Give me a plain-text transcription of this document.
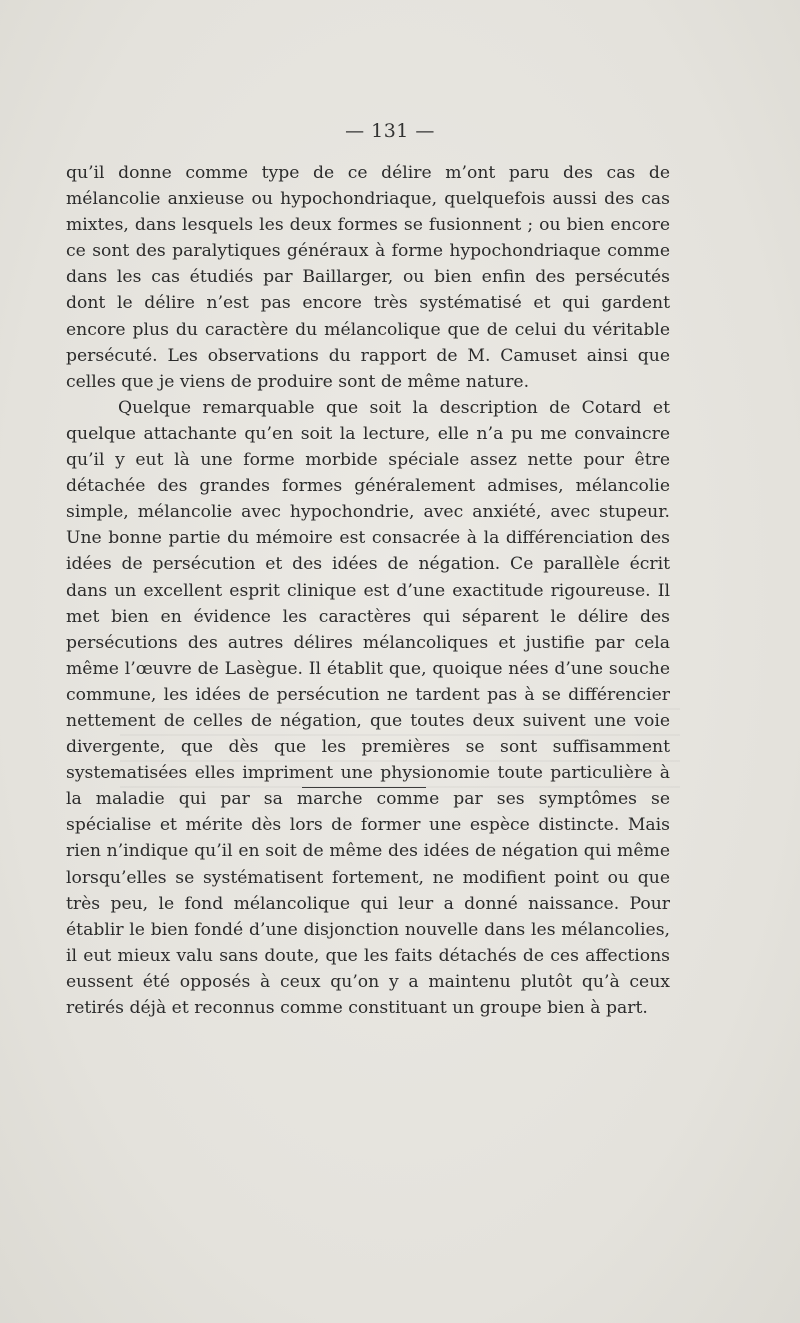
— 131 —

qu’il donne comme type de ce délire m’ont paru des cas de mélancolie anxieuse ou hypochondriaque, quelquefois aussi des cas mixtes, dans lesquels les deux formes se fusionnent ; ou bien encore ce sont des paralytiques généraux à forme hypochondriaque comme dans les cas étudiés par Baillarger, ou bien enfin des persécutés dont le délire n’est pas encore très systématisé et qui gardent encore plus du caractère du mélancolique que de celui du véritable persécuté. Les observations du rapport de M. Camuset ainsi que celles que je viens de produire sont de même nature.

Quelque remarquable que soit la description de Cotard et quelque attachante qu’en soit la lecture, elle n’a pu me convaincre qu’il y eut là une forme morbide spéciale assez nette pour être détachée des grandes formes généralement admises, mélancolie simple, mélancolie avec hypochondrie, avec anxiété, avec stupeur. Une bonne partie du mémoire est consacrée à la différenciation des idées de persécution et des idées de négation. Ce parallèle écrit dans un excellent esprit clinique est d’une exactitude rigoureuse. Il met bien en évidence les caractères qui séparent le délire des persécutions des autres délires mélancoliques et justifie par cela même l’œuvre de Lasègue. Il établit que, quoique nées d’une souche commune, les idées de persécution ne tardent pas à se différencier nettement de celles de négation, que toutes deux suivent une voie divergente, que dès que les premières se sont suffisamment systematisées elles impriment une physionomie toute particulière à la maladie qui par sa marche comme par ses symptômes se spécialise et mérite dès lors de former une espèce distincte. Mais rien n’indique qu’il en soit de même des idées de négation qui même lorsqu’elles se systématisent fortement, ne modifient point ou que très peu, le fond mélancolique qui leur a donné naissance. Pour établir le bien fondé d’une disjonction nouvelle dans les mélancolies, il eut mieux valu sans doute, que les faits détachés de ces affections eussent été opposés à ceux qu’on y a maintenu plutôt qu’à ceux retirés déjà et reconnus comme constituant un groupe bien à part.
